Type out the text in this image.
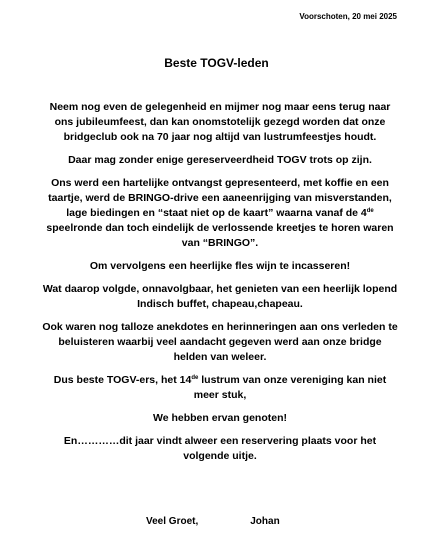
Voorschoten, 20 mei 2025
Beste TOGV-leden

Neem nog even de gelegenheid en mijmer nog maar eens terug naar ons jubileumfeest, dan kan onomstotelijk gezegd worden dat onze bridgeclub ook na 70 jaar nog altijd van lustrumfeestjes houdt.

Daar mag zonder enige gereserveerdheid TOGV trots op zijn.

Ons werd een hartelijke ontvangst gepresenteerd, met koffie en een taartje, werd de BRINGO-drive een aaneenrijging van misverstanden, lage biedingen en “staat niet op de kaart” waarna vanaf de 4de speelronde dan toch eindelijk de verlossende kreetjes te horen waren van “BRINGO”.

Om vervolgens een heerlijke fles wijn te incasseren!

Wat daarop volgde, onnavolgbaar, het genieten van een heerlijk lopend Indisch buffet, chapeau,chapeau.

Ook waren nog talloze anekdotes en herinneringen aan ons verleden te beluisteren waarbij veel aandacht gegeven werd aan onze bridge helden van weleer.

Dus beste TOGV-ers, het 14de lustrum van onze vereniging kan niet meer stuk,

We hebben ervan genoten!

En…………dit jaar vindt alweer een reservering plaats voor het volgende uitje.

Veel Groet,	Johan
